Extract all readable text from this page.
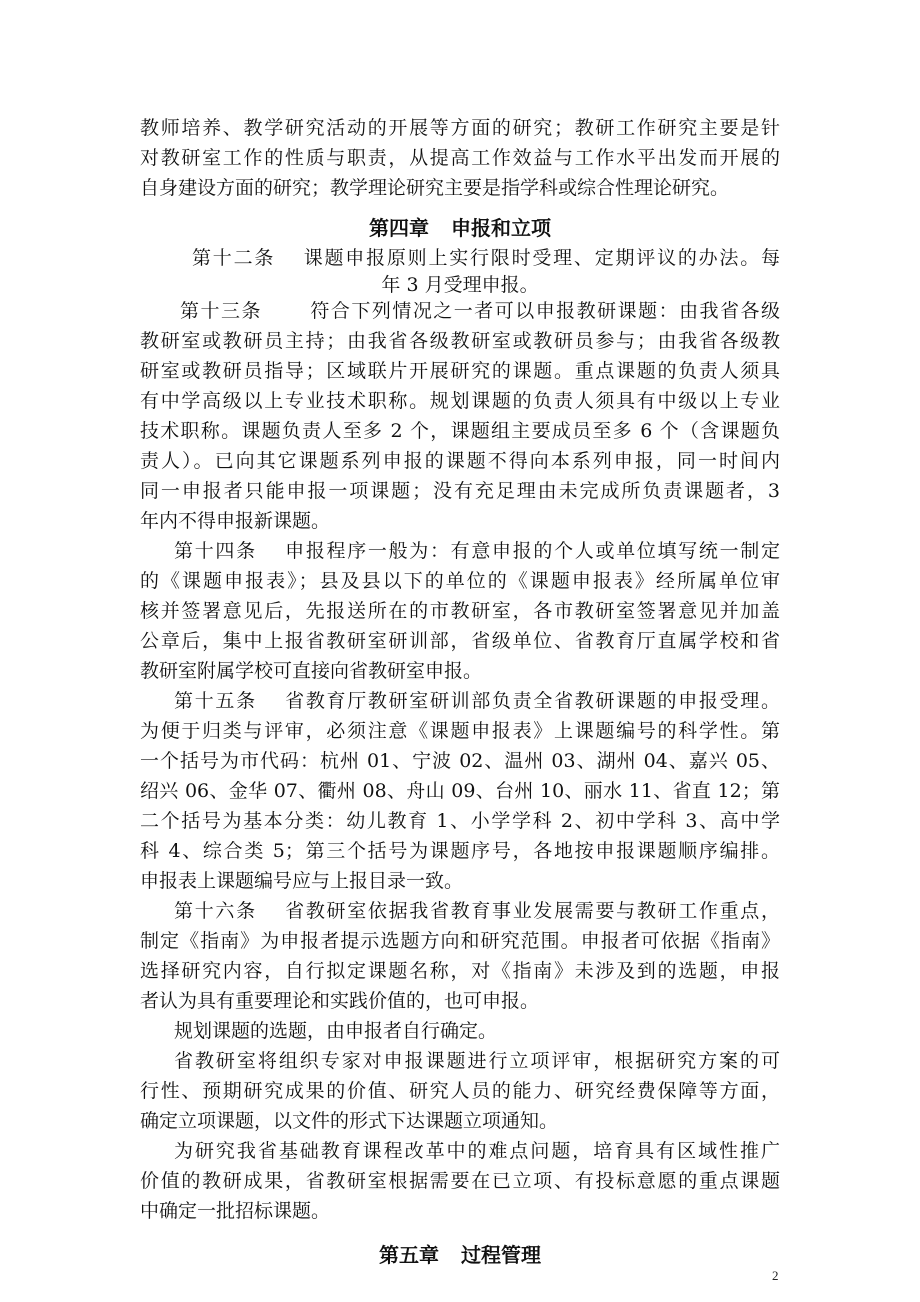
教师培养、教学研究活动的开展等方面的研究；教研工作研究主要是针
对教研室工作的性质与职责，从提高工作效益与工作水平出发而开展的
自身建设方面的研究；教学理论研究主要是指学科或综合性理论研究。
第四章 申报和立项
第十二条　 课题申报原则上实行限时受理、定期评议的办法。每
年 3 月受理申报。
第十三条　 　符合下列情况之一者可以申报教研课题：由我省各级
教研室或教研员主持；由我省各级教研室或教研员参与；由我省各级教
研室或教研员指导；区域联片开展研究的课题。重点课题的负责人须具
有中学高级以上专业技术职称。规划课题的负责人须具有中级以上专业
技术职称。课题负责人至多 2 个，课题组主要成员至多 6 个（含课题负
责人）。已向其它课题系列申报的课题不得向本系列申报，同一时间内
同一申报者只能申报一项课题；没有充足理由未完成所负责课题者，3
年内不得申报新课题。
第十四条　 申报程序一般为：有意申报的个人或单位填写统一制定
的《课题申报表》；县及县以下的单位的《课题申报表》经所属单位审
核并签署意见后，先报送所在的市教研室，各市教研室签署意见并加盖
公章后，集中上报省教研室研训部，省级单位、省教育厅直属学校和省
教研室附属学校可直接向省教研室申报。
第十五条　 省教育厅教研室研训部负责全省教研课题的申报受理。
为便于归类与评审，必须注意《课题申报表》上课题编号的科学性。第
一个括号为市代码：杭州 01、宁波 02、温州 03、湖州 04、嘉兴 05、
绍兴 06、金华 07、衢州 08、舟山 09、台州 10、丽水 11、省直 12；第
二个括号为基本分类：幼儿教育 1、小学学科 2、初中学科 3、高中学
科 4、综合类 5；第三个括号为课题序号，各地按申报课题顺序编排。
申报表上课题编号应与上报目录一致。
第十六条　 省教研室依据我省教育事业发展需要与教研工作重点，
制定《指南》为申报者提示选题方向和研究范围。申报者可依据《指南》
选择研究内容，自行拟定课题名称，对《指南》未涉及到的选题，申报
者认为具有重要理论和实践价值的，也可申报。
规划课题的选题，由申报者自行确定。
省教研室将组织专家对申报课题进行立项评审，根据研究方案的可
行性、预期研究成果的价值、研究人员的能力、研究经费保障等方面，
确定立项课题，以文件的形式下达课题立项通知。
为研究我省基础教育课程改革中的难点问题，培育具有区域性推广
价值的教研成果，省教研室根据需要在已立项、有投标意愿的重点课题
中确定一批招标课题。
第五章 过程管理
2
